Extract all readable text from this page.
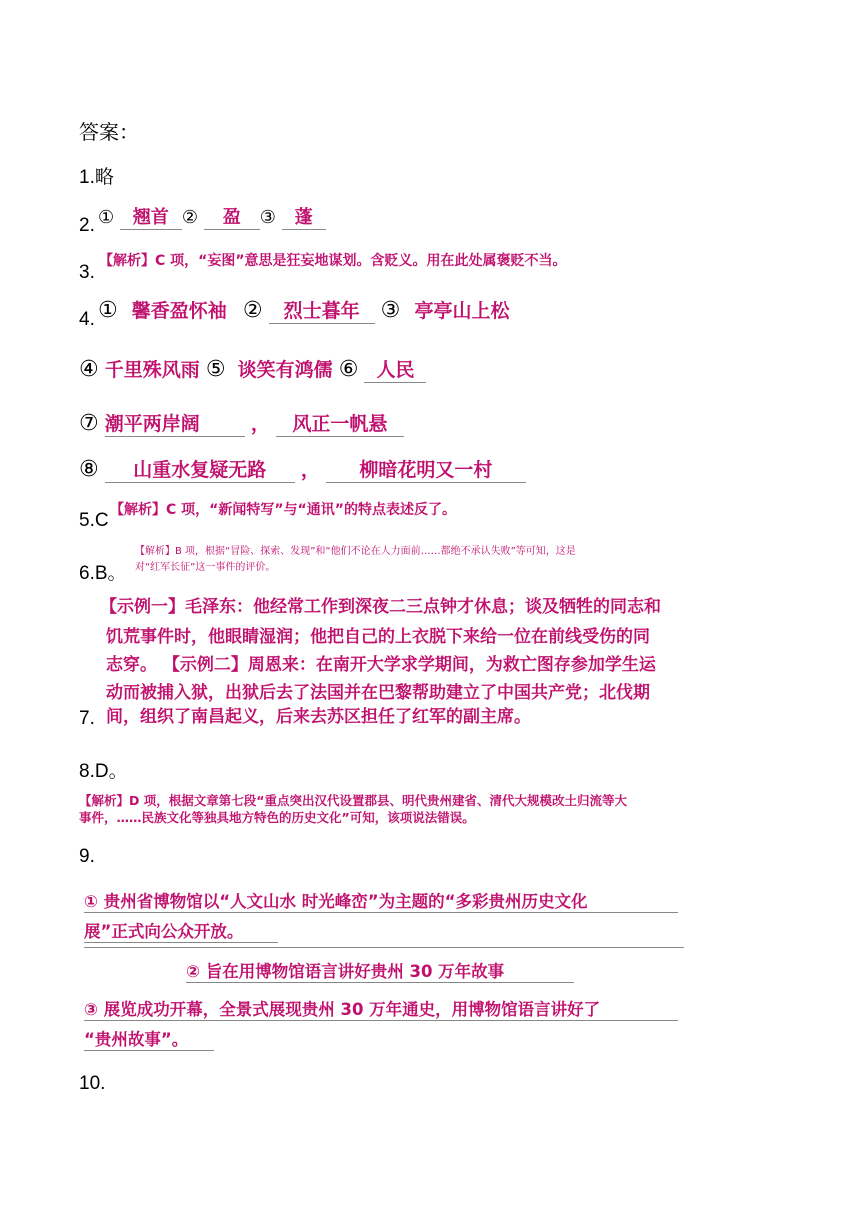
答案：
1.略
2. ① 翘首 ② 盈 ③ 蓬
3.
【解析】C 项，“妄图”意思是狂妄地谋划。含贬义。用在此处属褒贬不当。
4. ① 馨香盈怀袖 ② 烈士暮年 ③ 亭亭山上松
④ 千里殊风雨 ⑤ 谈笑有鸿儒 ⑥ 人民
⑦ 潮平两岸阔	， 风正一帆悬
⑧ 山重水复疑无路 ， 柳暗花明又一村
5.C 【解析】C 项，“新闻特写”与“通讯”的特点表述反了。
6.B。
【解析】B 项，根据“冒险、探索、发现”和“他们不论在人力面前……都绝不承认失败”等可知，这是
对“红军长征”这一事件的评价。
【示例一】毛泽东：他经常工作到深夜二三点钟才休息；谈及牺牲的同志和
饥荒事件时，他眼睛湿润；他把自己的上衣脱下来给一位在前线受伤的同
志穿。 【示例二】周恩来：在南开大学求学期间，为救亡图存参加学生运
动而被捕入狱，出狱后去了法国并在巴黎帮助建立了中国共产党；北伐期
7. 间，组织了南昌起义，后来去苏区担任了红军的副主席。
8.D。
【解析】D 项，根据文章第七段“重点突出汉代设置郡县、明代贵州建省、清代大规模改土归流等大
事件，……民族文化等独具地方特色的历史文化”可知，该项说法错误。
9.
① 贵州省博物馆以“人文山水 时光峰峦”为主题的“多彩贵州历史文化
展”正式向公众开放。
② 旨在用博物馆语言讲好贵州 30 万年故事
③ 展览成功开幕，全景式展现贵州 30 万年通史，用博物馆语言讲好了
“贵州故事”。
10.
